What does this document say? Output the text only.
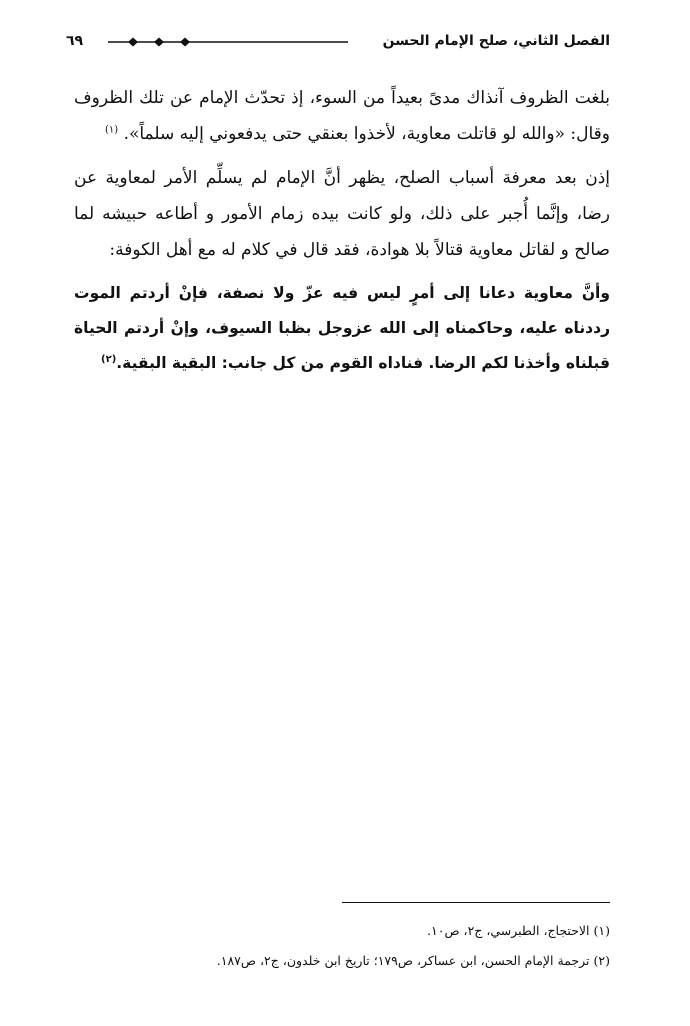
الفصل الثاني، صلح الإمام الحسن
٦٩

بلغت الظروف آنذاك مدىً بعيداً من السوء، إذ تحدّث الإمام عن تلك الظروف وقال: «والله لو قاتلت معاوية، لأخذوا بعنقي حتى يدفعوني إليه سلماً». $^{(١)}$

إذن بعد معرفة أسباب الصلح، يظهر أنَّ الإمام لم يسلِّم الأمر لمعاوية عن رضا، وإنَّما أُجبر على ذلك، ولو كانت بيده زمام الأمور و أطاعه حبيشه لما صالح و لقاتل معاوية قتالاً بلا هوادة، فقد قال في كلام له مع أهل الكوفة:

وأنَّ معاوية دعانا إلى أمرٍ ليس فيه عزّ ولا نصفة، فإنْ أردتم الموت رددناه عليه، وحاكمناه إلى الله عزوجل بظبا السيوف، وإنْ أردتم الحياة قبلناه وأخذنا لكم الرضا. فناداه القوم من كل جانب: البقية البقية.$^{(٢)}$

(١) الاحتجاج، الطبرسي، ج٢، ص١٠.

(٢) ترجمة الإمام الحسن، ابن عساكر، ص١٧٩؛ تاريخ ابن خلدون، ج٢، ص١٨٧.
